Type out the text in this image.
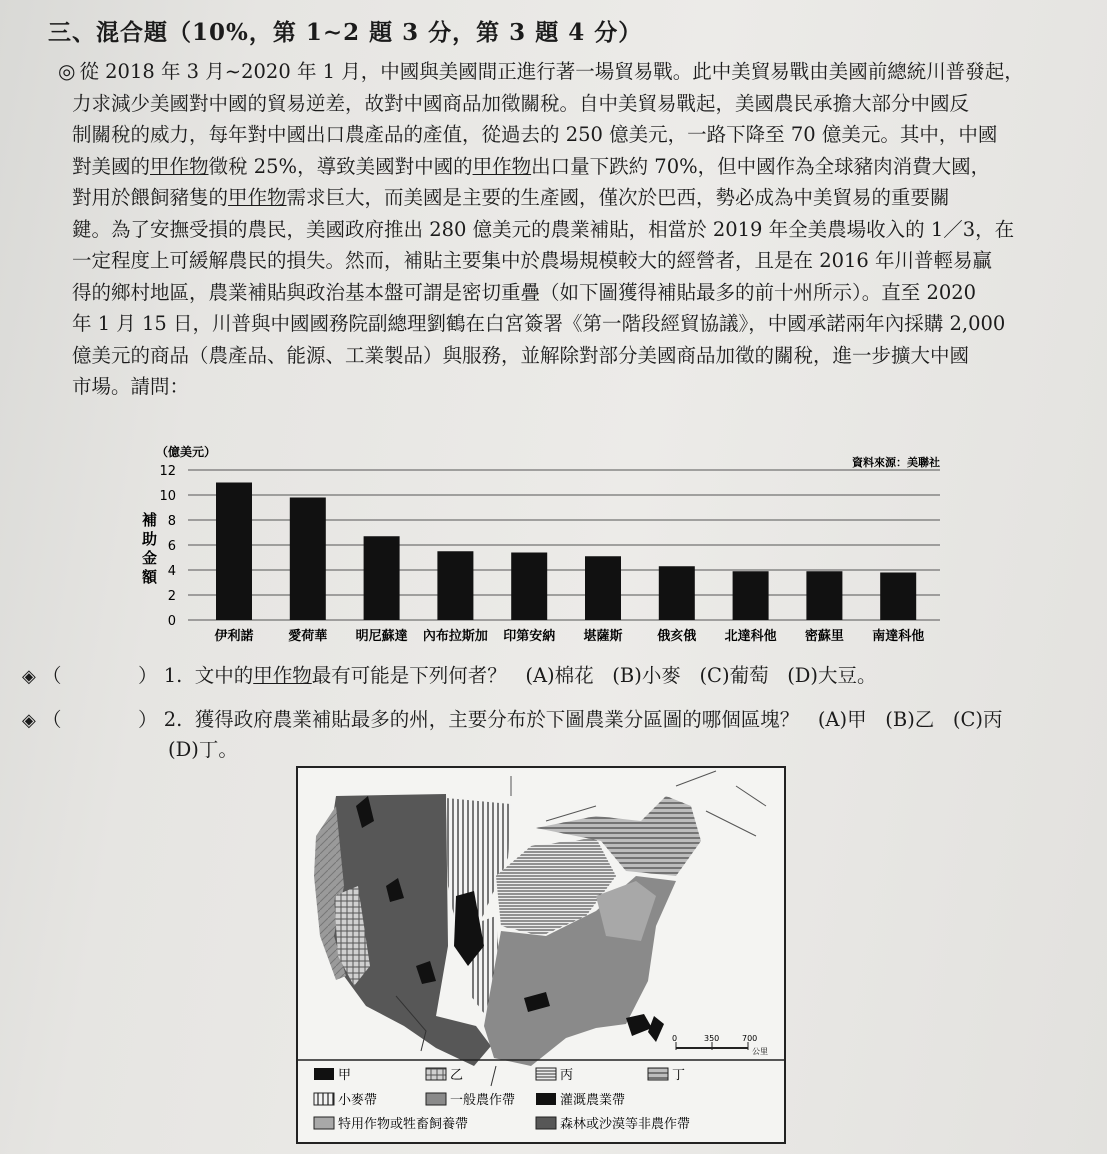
三、混合題（10%，第 1∼2 題 3 分，第 3 題 4 分）
◎ 從 2018 年 3 月∼2020 年 1 月，中國與美國間正進行著一場貿易戰。此中美貿易戰由美國前總統川普發起，
力求減少美國對中國的貿易逆差，故對中國商品加徵關稅。自中美貿易戰起，美國農民承擔大部分中國反
制關稅的威力，每年對中國出口農產品的產值，從過去的 250 億美元，一路下降至 70 億美元。其中，中國
對美國的甲作物徵稅 25%，導致美國對中國的甲作物出口量下跌約 70%，但中國作為全球豬肉消費大國，
對用於餵飼豬隻的甲作物需求巨大，而美國是主要的生產國，僅次於巴西，勢必成為中美貿易的重要關
鍵。為了安撫受損的農民，美國政府推出 280 億美元的農業補貼，相當於 2019 年全美農場收入的 1／3，在
一定程度上可緩解農民的損失。然而，補貼主要集中於農場規模較大的經營者，且是在 2016 年川普輕易贏
得的鄉村地區，農業補貼與政治基本盤可謂是密切重疊（如下圖獲得補貼最多的前十州所示）。直至 2020
年 1 月 15 日，川普與中國國務院副總理劉鶴在白宮簽署《第一階段經貿協議》，中國承諾兩年內採購 2,000
億美元的商品（農產品、能源、工業製品）與服務，並解除對部分美國商品加徵的關稅，進一步擴大中國
市場。請問：
（億美元）
資料來源：美聯社
補
助
金
額
0
2
4
6
8
10
12
伊利諾	愛荷華 明尼蘇達 內布拉斯加 印第安納 堪薩斯	俄亥俄 北達科他 密蘇里 南達科他
◈ （	） 1. 文中的甲作物最有可能是下列何者？ (A)棉花 (B)小麥 (C)葡萄 (D)大豆。
◈ （	） 2. 獲得政府農業補貼最多的州，主要分布於下圖農業分區圖的哪個區塊？ (A)甲 (B)乙 (C)丙
(D)丁。
0	350	700
公里
甲	乙	丙	丁
小麥帶	一般農作帶	灌溉農業帶
特用作物或牲畜飼養帶	森林或沙漠等非農作帶
